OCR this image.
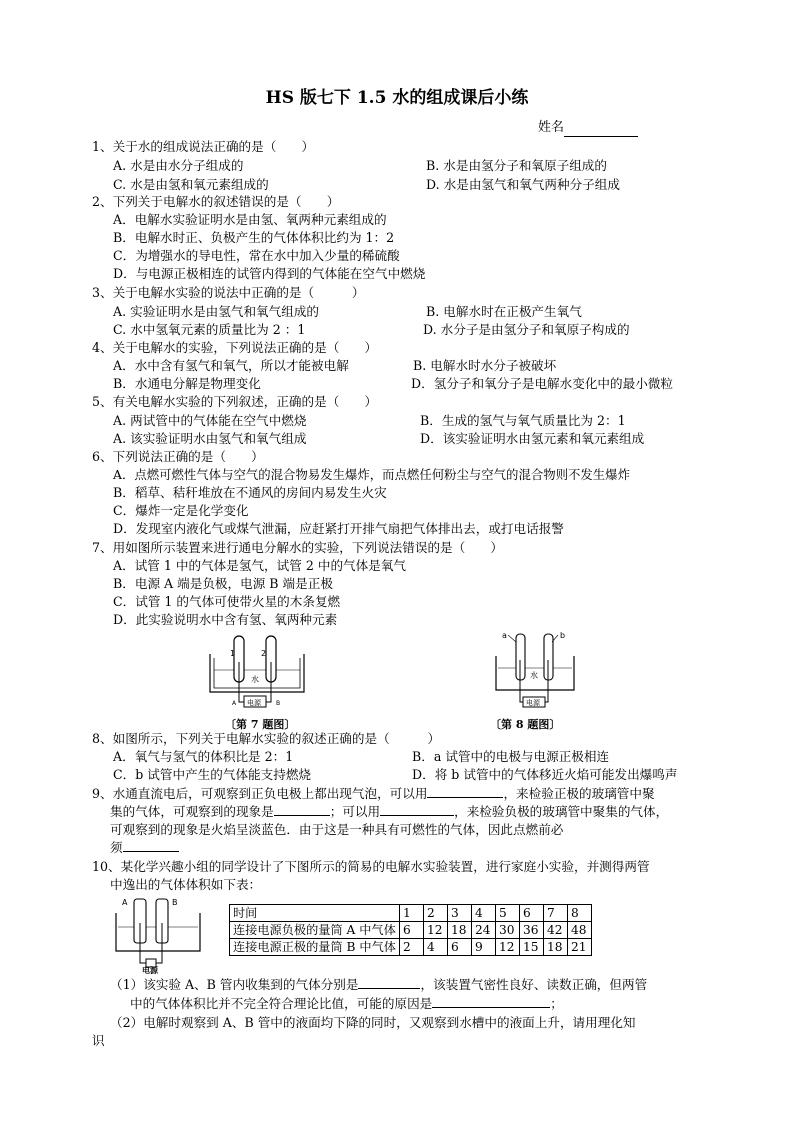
HS 版七下 1.5 水的组成课后小练
姓名
1、关于水的组成说法正确的是（　　）
A. 水是由水分子组成的	B. 水是由氢分子和氧原子组成的
C. 水是由氢和氧元素组成的	D. 水是由氢气和氧气两种分子组成
2、下列关于电解水的叙述错误的是（　　）
A．电解水实验证明水是由氢、氧两种元素组成的
B．电解水时正、负极产生的气体体积比约为 1：2
C．为增强水的导电性，常在水中加入少量的稀硫酸
D．与电源正极相连的试管内得到的气体能在空气中燃烧
3、关于电解水实验的说法中正确的是（　　　）
A. 实验证明水是由氢气和氧气组成的	B. 电解水时在正极产生氧气
C. 水中氢氧元素的质量比为 2 ：1	D. 水分子是由氢分子和氧原子构成的
4、关于电解水的实验，下列说法正确的是（　　）
A．水中含有氢气和氧气，所以才能被电解	B. 电解水时水分子被破坏
B．水通电分解是物理变化	D．氢分子和氧分子是电解水变化中的最小微粒
5、有关电解水实验的下列叙述，正确的是（　　）
A. 两试管中的气体能在空气中燃烧	B．生成的氢气与氧气质量比为 2：1
A. 该实验证明水由氢气和氧气组成	D．该实验证明水由氢元素和氧元素组成
6、下列说法正确的是（　　）
A．点燃可燃性气体与空气的混合物易发生爆炸，而点燃任何粉尘与空气的混合物则不发生爆炸
B．稻草、秸秆堆放在不通风的房间内易发生火灾
C．爆炸一定是化学变化
D．发现室内液化气或煤气泄漏，应赶紧打开排气扇把气体排出去，或打电话报警
7、用如图所示装置来进行通电分解水的实验，下列说法错误的是（　　）
A．试管 1 中的气体是氢气，试管 2 中的气体是氧气
B．电源 A 端是负极，电源 B 端是正极
C．试管 1 的气体可使带火星的木条复燃
D．此实验说明水中含有氢、氧两种元素
1	2
水
电源
A	B
〔第 7 题图〕
a	b
水
电源
〔第 8 题图〕
8、如图所示，下列关于电解水实验的叙述正确的是（　　　）
A．氧气与氢气的体积比是 2：1	B．a 试管中的电极与电源正极相连
C．b 试管中产生的气体能支持燃烧	D．将 b 试管中的气体移近火焰可能发出爆鸣声
9、水通直流电后，可观察到正负电极上都出现气泡，可以用	，来检验正极的玻璃管中聚
集的气体，可观察到的现象是	；可以用	，来检验负极的玻璃管中聚集的气体，
可观察到的现象是火焰呈淡蓝色．由于这是一种具有可燃性的气体，因此点燃前必
须
10、某化学兴趣小组的同学设计了下图所示的简易的电解水实验装置，进行家庭小实验，并测得两管
中逸出的气体体积如下表：
A	B
电源
时间	1	2	3	4	5	6	7	8
连接电源负极的量筒 A 中气体	6	12	18	24	30	36	42	48
连接电源正极的量筒 B 中气体	2	4	6	9	12	15	18	21
（1）该实验 A、B 管内收集到的气体分别是	，该装置气密性良好、读数正确，但两管
中的气体体积比并不完全符合理论比值，可能的原因是	；
（2）电解时观察到 A、B 管中的液面均下降的同时，又观察到水槽中的液面上升，请用理化知
识
